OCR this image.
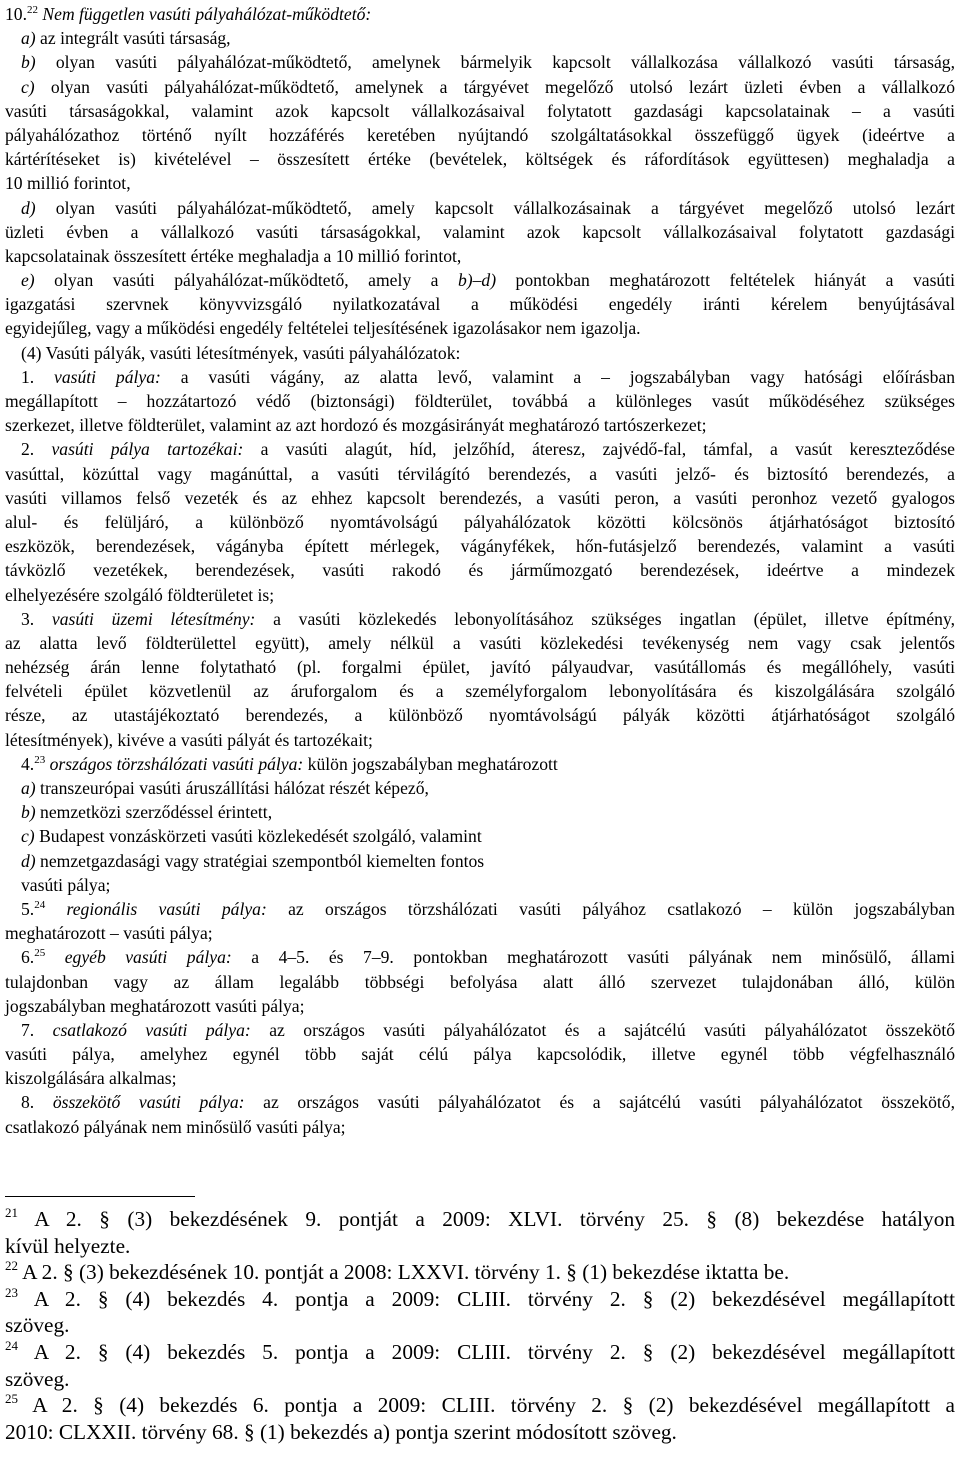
10.22 Nem független vasúti pályahálózat-működtető:
a) az integrált vasúti társaság,
b) olyan vasúti pályahálózat-működtető, amelynek bármelyik kapcsolt vállalkozása vállalkozó vasúti társaság,
c) olyan vasúti pályahálózat-működtető, amelynek a tárgyévet megelőző utolsó lezárt üzleti évben a vállalkozó
vasúti társaságokkal, valamint azok kapcsolt vállalkozásaival folytatott gazdasági kapcsolatainak – a vasúti
pályahálózathoz történő nyílt hozzáférés keretében nyújtandó szolgáltatásokkal összefüggő ügyek (ideértve a
kártérítéseket is) kivételével – összesített értéke (bevételek, költségek és ráfordítások együttesen) meghaladja a
10 millió forintot,
d) olyan vasúti pályahálózat-működtető, amely kapcsolt vállalkozásainak a tárgyévet megelőző utolsó lezárt
üzleti évben a vállalkozó vasúti társaságokkal, valamint azok kapcsolt vállalkozásaival folytatott gazdasági
kapcsolatainak összesített értéke meghaladja a 10 millió forintot,
e) olyan vasúti pályahálózat-működtető, amely a b)–d) pontokban meghatározott feltételek hiányát a vasúti
igazgatási szervnek könyvvizsgáló nyilatkozatával a működési engedély iránti kérelem benyújtásával
egyidejűleg, vagy a működési engedély feltételei teljesítésének igazolásakor nem igazolja.
(4) Vasúti pályák, vasúti létesítmények, vasúti pályahálózatok:
1. vasúti pálya: a vasúti vágány, az alatta levő, valamint a – jogszabályban vagy hatósági előírásban
megállapított – hozzátartozó védő (biztonsági) földterület, továbbá a különleges vasút működéséhez szükséges
szerkezet, illetve földterület, valamint az azt hordozó és mozgásirányát meghatározó tartószerkezet;
2. vasúti pálya tartozékai: a vasúti alagút, híd, jelzőhíd, áteresz, zajvédő-fal, támfal, a vasút kereszteződése
vasúttal, közúttal vagy magánúttal, a vasúti térvilágító berendezés, a vasúti jelző- és biztosító berendezés, a
vasúti villamos felső vezeték és az ehhez kapcsolt berendezés, a vasúti peron, a vasúti peronhoz vezető gyalogos
alul- és felüljáró, a különböző nyomtávolságú pályahálózatok közötti kölcsönös átjárhatóságot biztosító
eszközök, berendezések, vágányba épített mérlegek, vágányfékek, hőn-futásjelző berendezés, valamint a vasúti
távközlő vezetékek, berendezések, vasúti rakodó és járműmozgató berendezések, ideértve a mindezek
elhelyezésére szolgáló földterületet is;
3. vasúti üzemi létesítmény: a vasúti közlekedés lebonyolításához szükséges ingatlan (épület, illetve építmény,
az alatta levő földterülettel együtt), amely nélkül a vasúti közlekedési tevékenység nem vagy csak jelentős
nehézség árán lenne folytatható (pl. forgalmi épület, javító pályaudvar, vasútállomás és megállóhely, vasúti
felvételi épület közvetlenül az áruforgalom és a személyforgalom lebonyolítására és kiszolgálására szolgáló
része, az utastájékoztató berendezés, a különböző nyomtávolságú pályák közötti átjárhatóságot szolgáló
létesítmények), kivéve a vasúti pályát és tartozékait;
4.23 országos törzshálózati vasúti pálya: külön jogszabályban meghatározott
a) transzeurópai vasúti áruszállítási hálózat részét képező,
b) nemzetközi szerződéssel érintett,
c) Budapest vonzáskörzeti vasúti közlekedését szolgáló, valamint
d) nemzetgazdasági vagy stratégiai szempontból kiemelten fontos
vasúti pálya;
5.24 regionális vasúti pálya: az országos törzshálózati vasúti pályához csatlakozó – külön jogszabályban
meghatározott – vasúti pálya;
6.25 egyéb vasúti pálya: a 4–5. és 7–9. pontokban meghatározott vasúti pályának nem minősülő, állami
tulajdonban vagy az állam legalább többségi befolyása alatt álló szervezet tulajdonában álló, külön
jogszabályban meghatározott vasúti pálya;
7. csatlakozó vasúti pálya: az országos vasúti pályahálózatot és a sajátcélú vasúti pályahálózatot összekötő
vasúti pálya, amelyhez egynél több saját célú pálya kapcsolódik, illetve egynél több végfelhasználó
kiszolgálására alkalmas;
8. összekötő vasúti pálya: az országos vasúti pályahálózatot és a sajátcélú vasúti pályahálózatot összekötő,
csatlakozó pályának nem minősülő vasúti pálya;
$^{21}$ A 2. § (3) bekezdésének 9. pontját a 2009: XLVI. törvény 25. § (8) bekezdése hatályon
kívül helyezte.
$^{22}$ A 2. § (3) bekezdésének 10. pontját a 2008: LXXVI. törvény 1. § (1) bekezdése iktatta be.
$^{23}$ A 2. § (4) bekezdés 4. pontja a 2009: CLIII. törvény 2. § (2) bekezdésével megállapított
szöveg.
$^{24}$ A 2. § (4) bekezdés 5. pontja a 2009: CLIII. törvény 2. § (2) bekezdésével megállapított
szöveg.
$^{25}$ A 2. § (4) bekezdés 6. pontja a 2009: CLIII. törvény 2. § (2) bekezdésével megállapított a
2010: CLXXII. törvény 68. § (1) bekezdés a) pontja szerint módosított szöveg.
